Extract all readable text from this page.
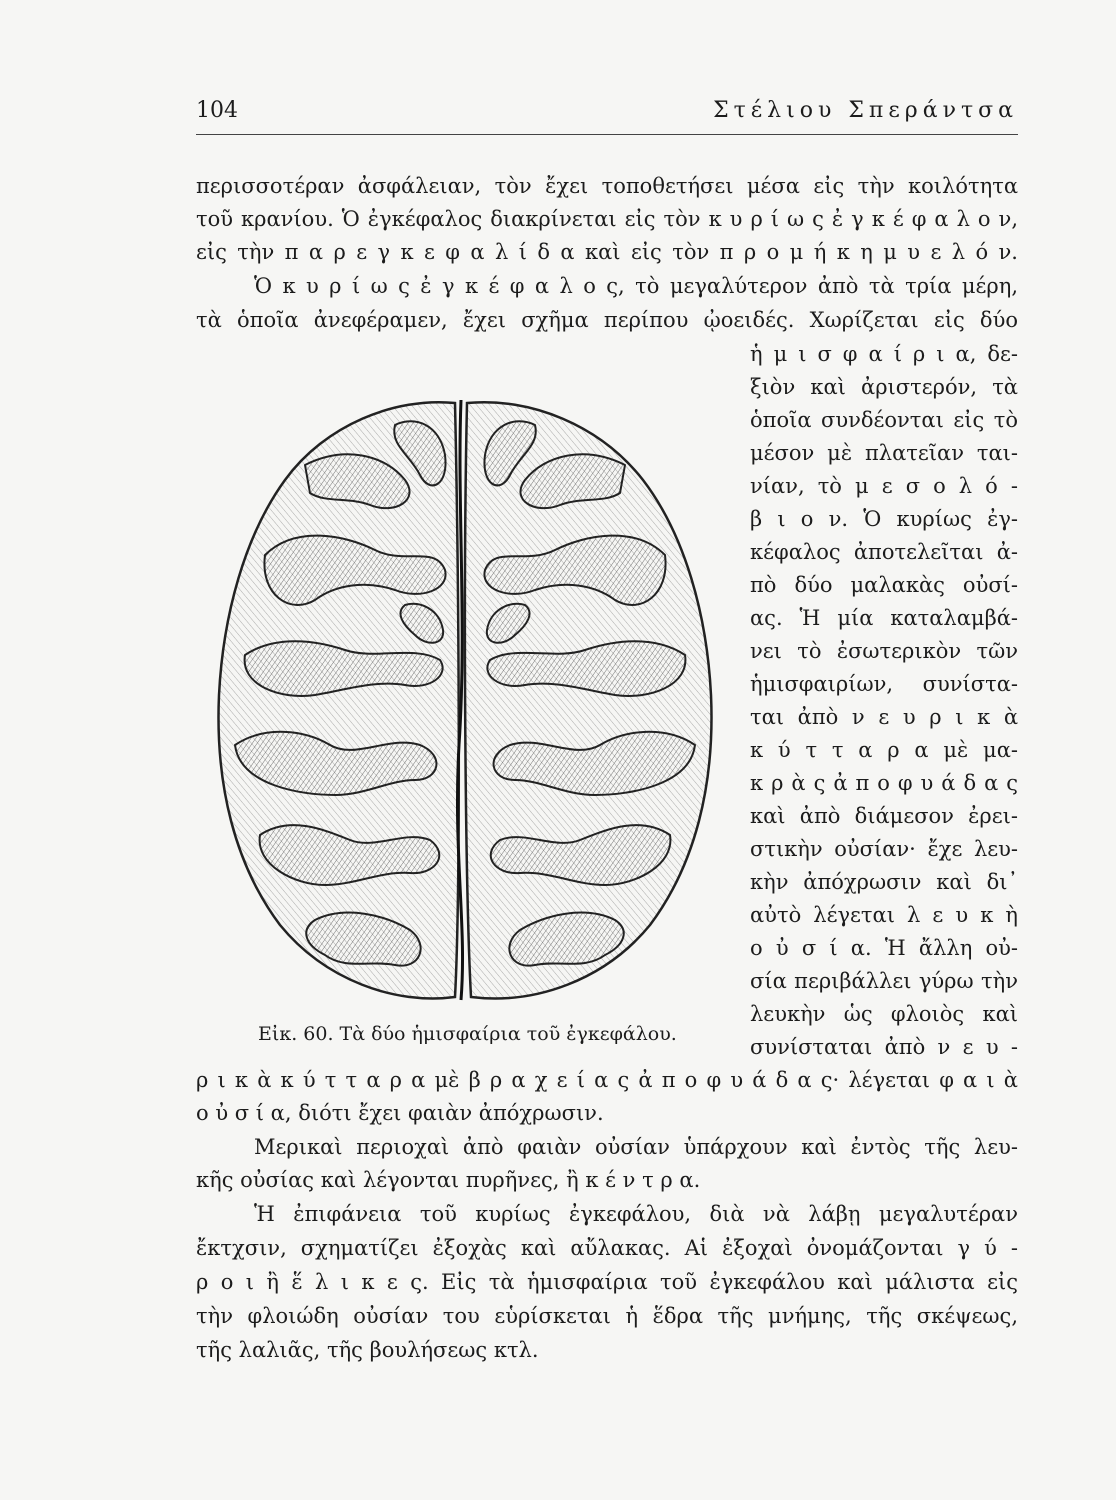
104	Στέλιου Σπεράντσα
περισσοτέραν ἀσφάλειαν, τὸν ἔχει τοποθετήσει μέσα εἰς τὴν κοιλότητα
τοῦ κρανίου. Ὁ ἐγκέφαλος διακρίνεται εἰς τὸν κ υ ρ ί ω ς ἐ γ κ έ φ α λ ο ν,
εἰς τὴν π α ρ ε γ κ ε φ α λ ί δ α καὶ εἰς τὸν π ρ ο μ ή κ η μ υ ε λ ό ν.
Ὁ κ υ ρ ί ω ς ἐ γ κ έ φ α λ ο ς, τὸ μεγαλύτερον ἀπὸ τὰ τρία μέρη,
τὰ ὁποῖα ἀνεφέραμεν, ἔχει σχῆμα περίπου ᾠοειδές. Χωρίζεται εἰς δύο
ἡ μ ι σ φ α ί ρ ι α, δε-
ξιὸν καὶ ἀριστερόν, τὰ
ὁποῖα συνδέονται εἰς τὸ
μέσον μὲ πλατεῖαν ται-
νίαν, τὸ μ ε σ ο λ ό -
β ι ο ν. Ὁ κυρίως ἐγ-
κέφαλος ἀποτελεῖται ἀ-
πὸ δύο μαλακὰς οὐσί-
ας. Ἡ μία καταλαμβά-
νει τὸ ἐσωτερικὸν τῶν
ἡμισφαιρίων, συνίστα-
ται ἀπὸ ν ε υ ρ ι κ ὰ
κ ύ τ τ α ρ α μὲ μα-
κ ρ ὰ ς ἀ π ο φ υ ά δ α ς
καὶ ἀπὸ διάμεσον ἐρει-
στικὴν οὐσίαν· ἔχε λευ-
κὴν ἀπόχρωσιν καὶ δι᾽
αὐτὸ λέγεται λ ε υ κ ὴ
ο ὐ σ ί α. Ἡ ἄλλη οὐ-
σία περιβάλλει γύρω τὴν
λευκὴν ὡς φλοιὸς καὶ
συνίσταται ἀπὸ ν ε υ -
Εἰκ. 60. Τὰ δύο ἡμισφαίρια τοῦ ἐγκεφάλου.
ρ ι κ ὰ κ ύ τ τ α ρ α μὲ β ρ α χ ε ί α ς ἀ π ο φ υ ά δ α ς· λέγεται φ α ι ὰ
ο ὐ σ ί α, διότι ἔχει φαιὰν ἀπόχρωσιν.
Μερικαὶ περιοχαὶ ἀπὸ φαιὰν οὐσίαν ὑπάρχουν καὶ ἐντὸς τῆς λευ-
κῆς οὐσίας καὶ λέγονται πυρῆνες, ἢ κ έ ν τ ρ α.
Ἡ ἐπιφάνεια τοῦ κυρίως ἐγκεφάλου, διὰ νὰ λάβῃ μεγαλυτέραν
ἔκτχσιν, σχηματίζει ἐξοχὰς καὶ αὔλακας. Αἱ ἐξοχαὶ ὀνομάζονται γ ύ -
ρ ο ι ἢ ἕ λ ι κ ε ς. Εἰς τὰ ἡμισφαίρια τοῦ ἐγκεφάλου καὶ μάλιστα εἰς
τὴν φλοιώδη οὐσίαν του εὑρίσκεται ἡ ἕδρα τῆς μνήμης, τῆς σκέψεως,
τῆς λαλιᾶς, τῆς βουλήσεως κτλ.
